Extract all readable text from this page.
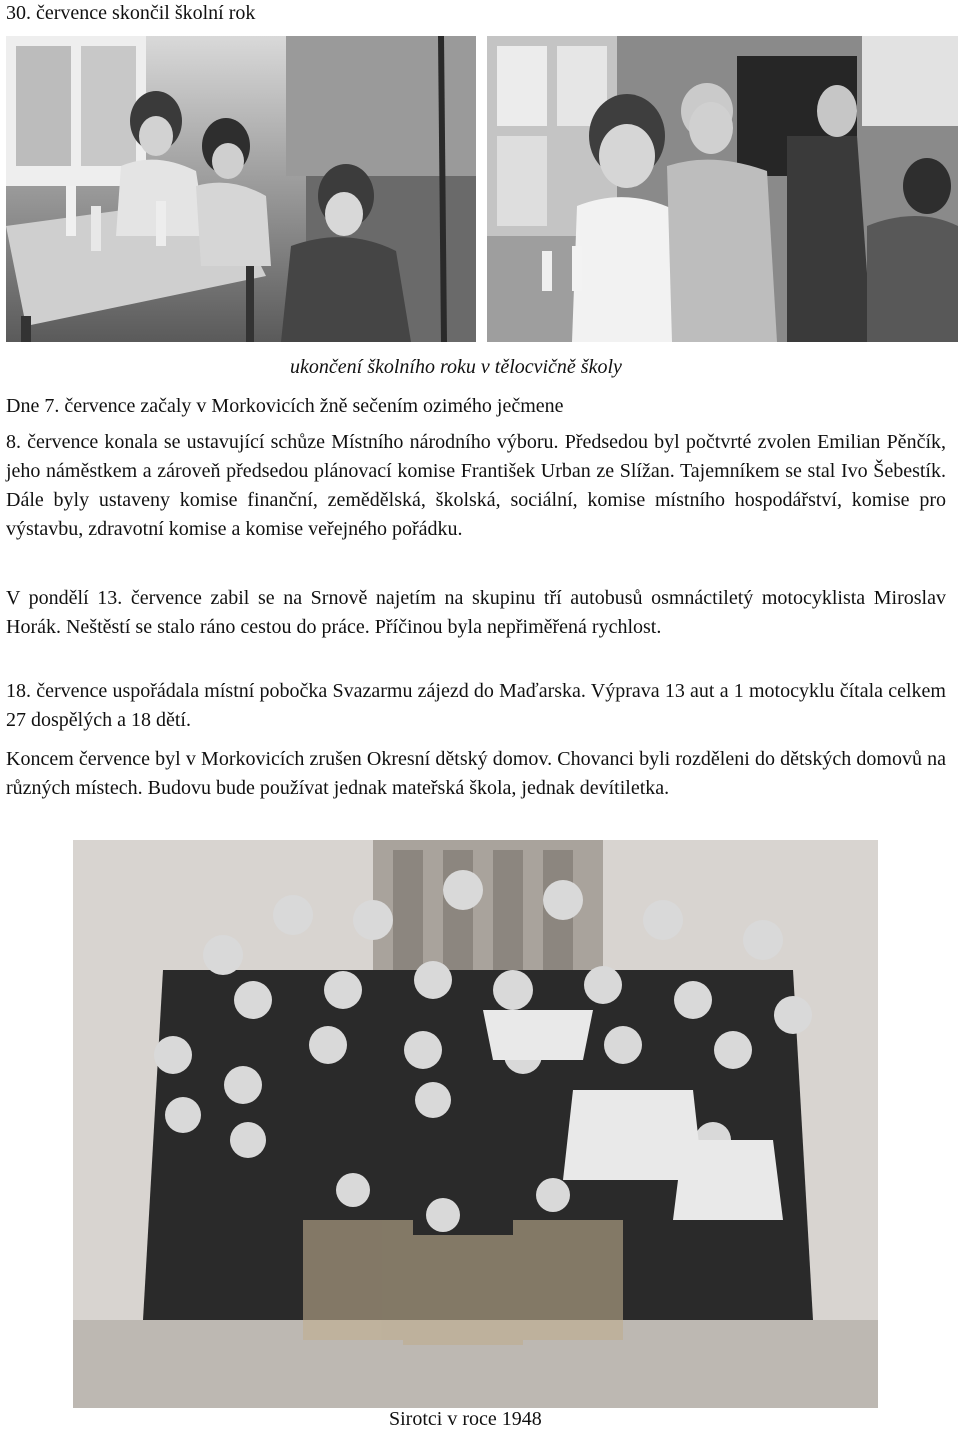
30. července skončil školní rok
ukončení školního roku v tělocvičně školy

Dne 7. července začaly v Morkovicích žně sečením ozimého ječmene

8. července konala se ustavující schůze Místního národního výboru. Předsedou byl počtvrté zvolen Emilian Pěnčík, jeho náměstkem a zároveň předsedou plánovací komise František Urban ze Slížan. Tajemníkem se stal Ivo Šebestík. Dále byly ustaveny komise finanční, zemědělská, školská, sociální, komise místního hospodářství, komise pro výstavbu, zdravotní komise a komise veřejného pořádku.

V pondělí 13. července zabil se na Srnově najetím na skupinu tří autobusů osmnáctiletý motocyklista Miroslav Horák. Neštěstí se stalo ráno cestou do práce. Příčinou byla nepřiměřená rychlost.

18. července uspořádala místní pobočka Svazarmu zájezd do Maďarska. Výprava 13 aut a 1 motocyklu čítala celkem 27 dospělých a 18 dětí.

Koncem července byl v Morkovicích zrušen Okresní dětský domov. Chovanci byli rozděleni do dětských domovů na různých místech. Budovu bude používat jednak mateřská škola, jednak devítiletka.

Sirotci v roce 1948
